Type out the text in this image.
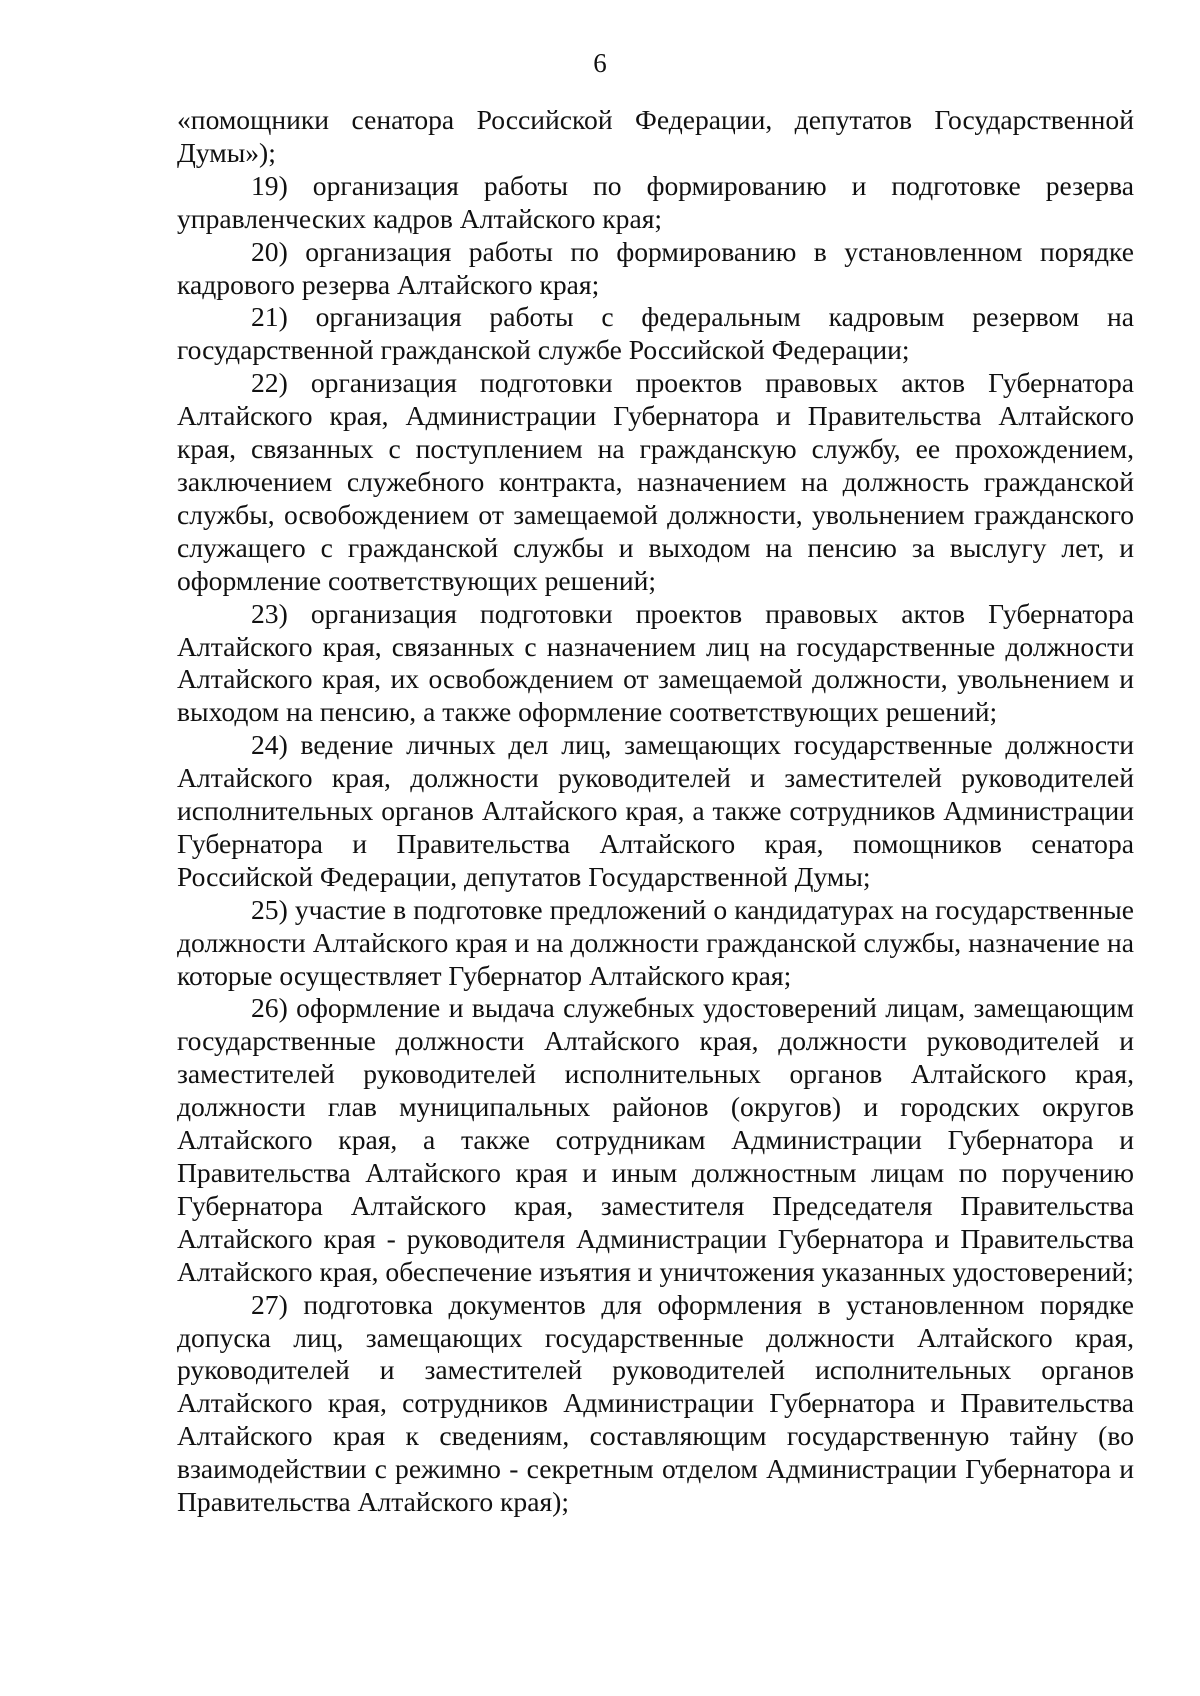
6

«помощники сенатора Российской Федерации, депутатов Государственной Думы»);

19) организация работы по формированию и подготовке резерва управленческих кадров Алтайского края;

20) организация работы по формированию в установленном порядке кадрового резерва Алтайского края;

21) организация работы с федеральным кадровым резервом на государственной гражданской службе Российской Федерации;

22) организация подготовки проектов правовых актов Губернатора Алтайского края, Администрации Губернатора и Правительства Алтайского края, связанных с поступлением на гражданскую службу, ее прохождением, заключением служебного контракта, назначением на должность гражданской службы, освобождением от замещаемой должности, увольнением гражданского служащего с гражданской службы и выходом на пенсию за выслугу лет, и оформление соответствующих решений;

23) организация подготовки проектов правовых актов Губернатора Алтайского края, связанных с назначением лиц на государственные должности Алтайского края, их освобождением от замещаемой должности, увольнением и выходом на пенсию, а также оформление соответствующих решений;

24) ведение личных дел лиц, замещающих государственные должности Алтайского края, должности руководителей и заместителей руководителей исполнительных органов Алтайского края, а также сотрудников Администрации Губернатора и Правительства Алтайского края, помощников сенатора Российской Федерации, депутатов Государственной Думы;

25) участие в подготовке предложений о кандидатурах на государственные должности Алтайского края и на должности гражданской службы, назначение на которые осуществляет Губернатор Алтайского края;

26) оформление и выдача служебных удостоверений лицам, замещающим государственные должности Алтайского края, должности руководителей и заместителей руководителей исполнительных органов Алтайского края, должности глав муниципальных районов (округов) и городских округов Алтайского края, а также сотрудникам Администрации Губернатора и Правительства Алтайского края и иным должностным лицам по поручению Губернатора Алтайского края, заместителя Председателя Правительства Алтайского края - руководителя Администрации Губернатора и Правительства Алтайского края, обеспечение изъятия и уничтожения указанных удостоверений;

27) подготовка документов для оформления в установленном порядке допуска лиц, замещающих государственные должности Алтайского края, руководителей и заместителей руководителей исполнительных органов Алтайского края, сотрудников Администрации Губернатора и Правительства Алтайского края к сведениям, составляющим государственную тайну (во взаимодействии с режимно - секретным отделом Администрации Губернатора и Правительства Алтайского края);
